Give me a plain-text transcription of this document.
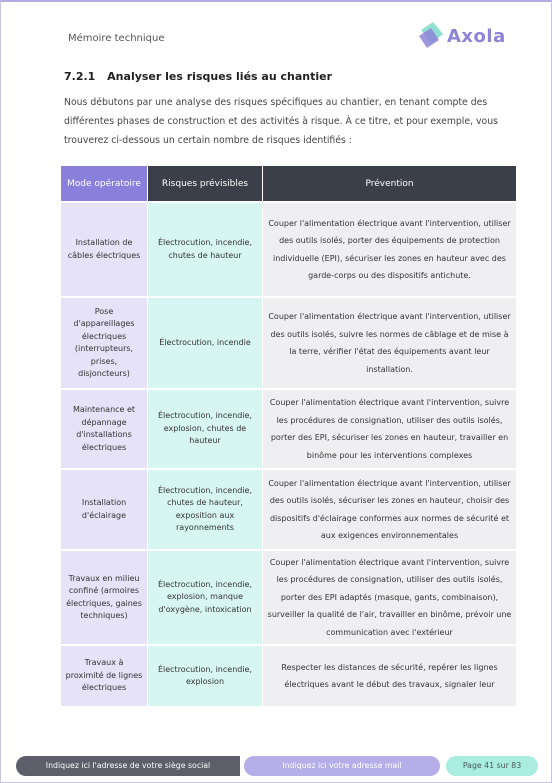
Mémoire technique	Axola
7.2.1 Analyser les risques liés au chantier

Nous débutons par une analyse des risques spécifiques au chantier, en tenant compte des différentes phases de construction et des activités à risque. À ce titre, et pour exemple, vous trouverez ci-dessous un certain nombre de risques identifiés :

Mode opératoire	Risques prévisibles	Prévention
Installation de câbles électriques	Électrocution, incendie, chutes de hauteur	Couper l'alimentation électrique avant l'intervention, utiliser des outils isolés, porter des équipements de protection individuelle (EPI), sécuriser les zones en hauteur avec des garde-corps ou des dispositifs antichute.
Pose d'appareillages électriques (interrupteurs, prises, disjoncteurs)	Électrocution, incendie	Couper l'alimentation électrique avant l'intervention, utiliser des outils isolés, suivre les normes de câblage et de mise à la terre, vérifier l'état des équipements avant leur installation.
Maintenance et dépannage d'installations électriques	Électrocution, incendie, explosion, chutes de hauteur	Couper l'alimentation électrique avant l'intervention, suivre les procédures de consignation, utiliser des outils isolés, porter des EPI, sécuriser les zones en hauteur, travailler en binôme pour les interventions complexes
Installation d'éclairage	Électrocution, incendie, chutes de hauteur, exposition aux rayonnements	Couper l'alimentation électrique avant l'intervention, utiliser des outils isolés, sécuriser les zones en hauteur, choisir des dispositifs d'éclairage conformes aux normes de sécurité et aux exigences environnementales
Travaux en milieu confiné (armoires électriques, gaines techniques)	Électrocution, incendie, explosion, manque d'oxygène, intoxication	Couper l'alimentation électrique avant l'intervention, suivre les procédures de consignation, utiliser des outils isolés, porter des EPI adaptés (masque, gants, combinaison), surveiller la qualité de l'air, travailler en binôme, prévoir une communication avec l'extérieur
Travaux à proximité de lignes électriques	Électrocution, incendie, explosion	Respecter les distances de sécurité, repérer les lignes électriques avant le début des travaux, signaler leur
Indiquez ici l'adresse de votre siège social	Indiquez ici votre adresse mail	Page 41 sur 83
